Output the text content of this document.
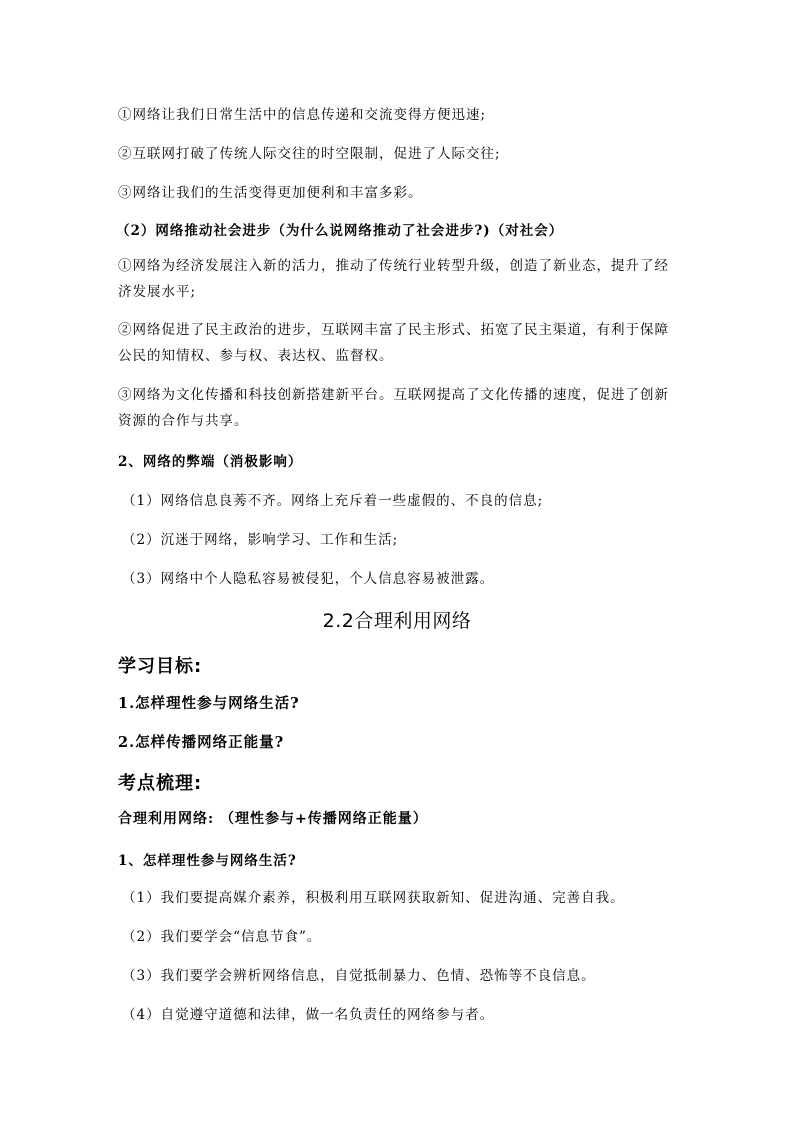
①网络让我们日常生活中的信息传递和交流变得方便迅速;
②互联网打破了传统人际交往的时空限制，促进了人际交往;
③网络让我们的生活变得更加便利和丰富多彩。
（2）网络推动社会进步（为什么说网络推动了社会进步?)（对社会）
①网络为经济发展注入新的活力，推动了传统行业转型升级，创造了新业态，提升了经济发展水平;
②网络促进了民主政治的进步，互联网丰富了民主形式、拓宽了民主渠道，有利于保障公民的知情权、参与权、表达权、监督权。
③网络为文化传播和科技创新搭建新平台。互联网提高了文化传播的速度，促进了创新资源的合作与共享。
2、网络的弊端（消极影响）
（1）网络信息良莠不齐。网络上充斥着一些虚假的、不良的信息;
（2）沉迷于网络，影响学习、工作和生活;
（3）网络中个人隐私容易被侵犯，个人信息容易被泄露。
2.2合理利用网络
学习目标:
1.怎样理性参与网络生活?
2.怎样传播网络正能量?
考点梳理:
合理利用网络: （理性参与+传播网络正能量）
1、怎样理性参与网络生活?
（1）我们要提高媒介素养，积极利用互联网获取新知、促进沟通、完善自我。
（2）我们要学会“信息节食”。
（3）我们要学会辨析网络信息，自觉抵制暴力、色情、恐怖等不良信息。
（4）自觉遵守道德和法律，做一名负责任的网络参与者。
